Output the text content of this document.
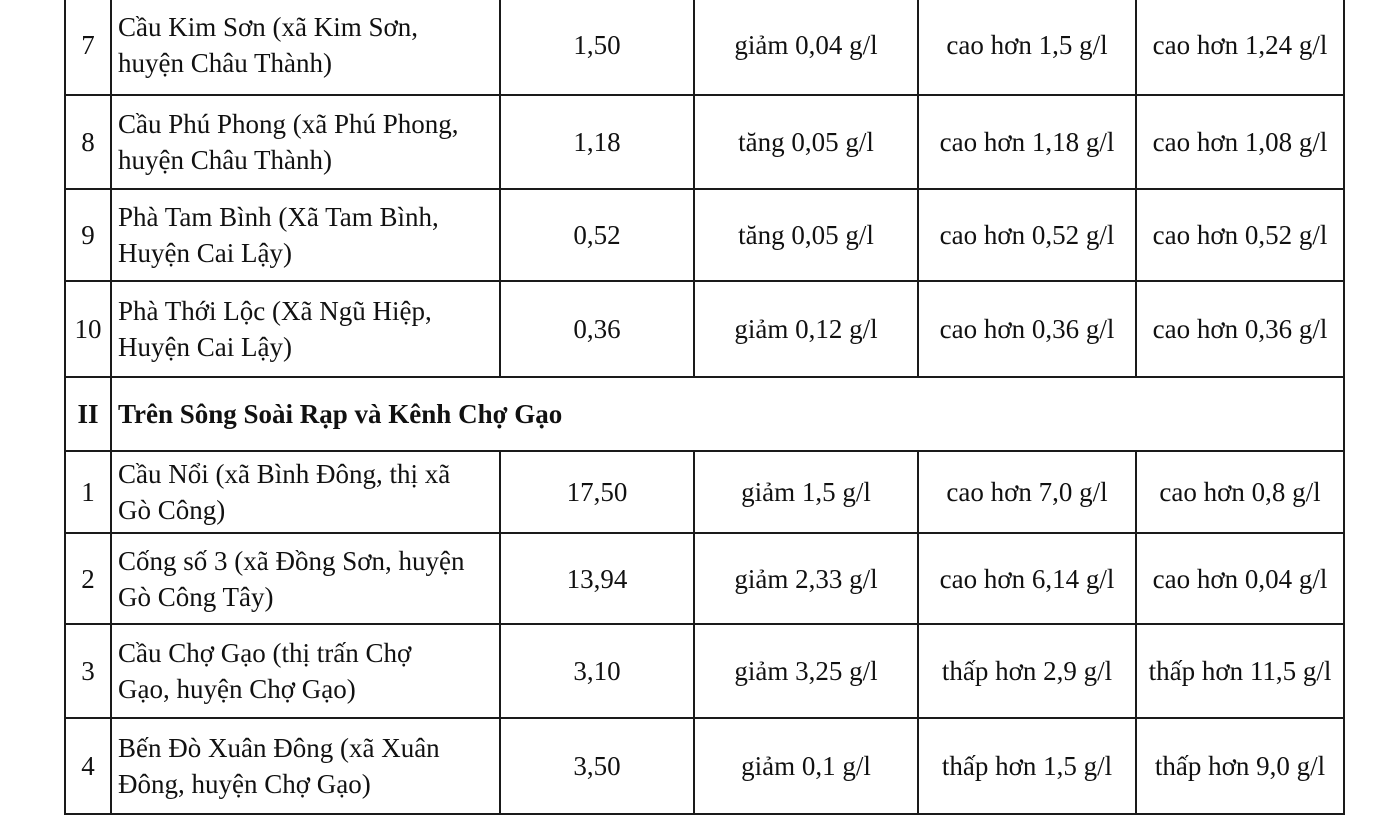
7	Cầu Kim Sơn (xã Kim Sơn,
huyện Châu Thành)	1,50	giảm 0,04 g/l	cao hơn 1,5 g/l	cao hơn 1,24 g/l
8	Cầu Phú Phong (xã Phú Phong,
huyện Châu Thành)	1,18	tăng 0,05 g/l	cao hơn 1,18 g/l	cao hơn 1,08 g/l
9	Phà Tam Bình (Xã Tam Bình,
Huyện Cai Lậy)	0,52	tăng 0,05 g/l	cao hơn 0,52 g/l	cao hơn 0,52 g/l
10	Phà Thới Lộc (Xã Ngũ Hiệp,
Huyện Cai Lậy)	0,36	giảm 0,12 g/l	cao hơn 0,36 g/l	cao hơn 0,36 g/l
II	Trên Sông Soài Rạp và Kênh Chợ Gạo				
1	Cầu Nổi (xã Bình Đông, thị xã
Gò Công)	17,50	giảm 1,5 g/l	cao hơn 7,0 g/l	cao hơn 0,8 g/l
2	Cống số 3 (xã Đồng Sơn, huyện
Gò Công Tây)	13,94	giảm 2,33 g/l	cao hơn 6,14 g/l	cao hơn 0,04 g/l
3	Cầu Chợ Gạo (thị trấn Chợ
Gạo, huyện Chợ Gạo)	3,10	giảm 3,25 g/l	thấp hơn 2,9 g/l	thấp hơn 11,5 g/l
4	Bến Đò Xuân Đông (xã Xuân
Đông, huyện Chợ Gạo)	3,50	giảm 0,1 g/l	thấp hơn 1,5 g/l	thấp hơn 9,0 g/l
